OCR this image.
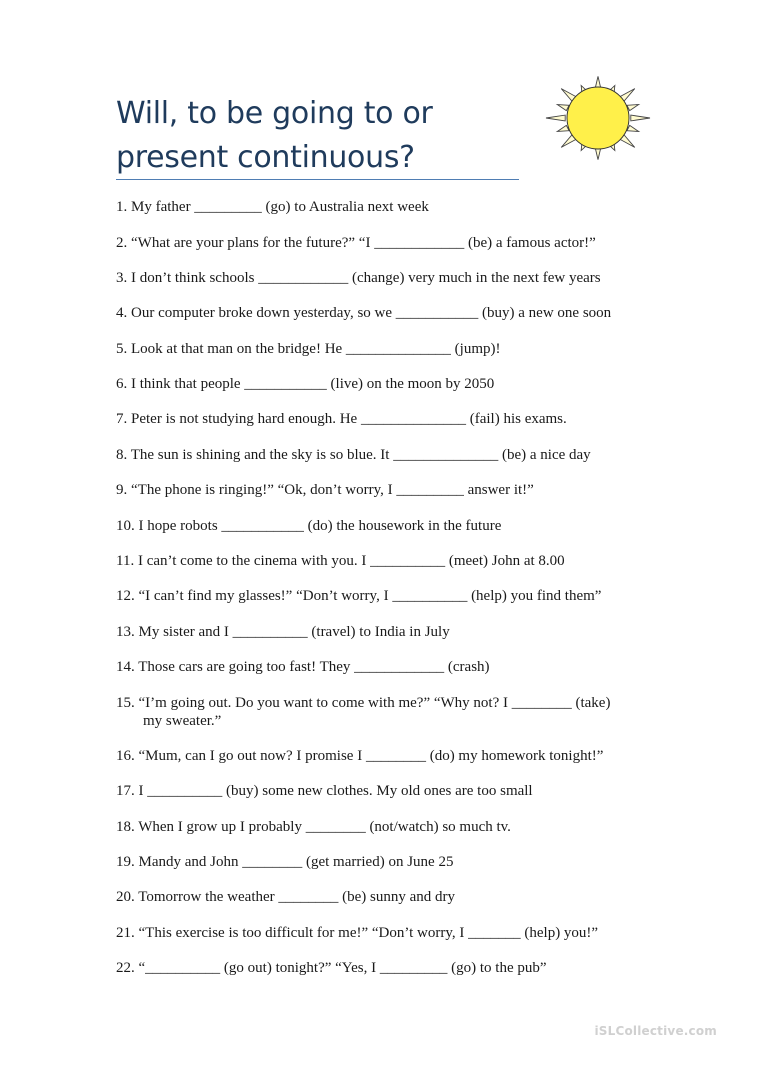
Will, to be going to or
present continuous?
1. My father _________ (go) to Australia next week
2. “What are your plans for the future?” “I ____________ (be) a famous actor!”
3. I don’t think schools ____________ (change) very much in the next few years
4. Our computer broke down yesterday, so we ___________ (buy) a new one soon
5. Look at that man on the bridge! He ______________ (jump)!
6. I think that people ___________ (live) on the moon by 2050
7. Peter is not studying hard enough. He ______________ (fail) his exams.
8. The sun is shining and the sky is so blue. It ______________ (be) a nice day
9. “The phone is ringing!” “Ok, don’t worry, I _________ answer it!”
10. I hope robots ___________ (do) the housework in the future
11. I can’t come to the cinema with you. I __________ (meet) John at 8.00
12. “I can’t find my glasses!” “Don’t worry, I __________ (help) you find them”
13. My sister and I __________ (travel) to India in July
14. Those cars are going too fast! They ____________ (crash)
15. “I’m going out. Do you want to come with me?” “Why not? I ________ (take)
my sweater.”
16. “Mum, can I go out now? I promise I ________ (do) my homework tonight!”
17. I __________ (buy) some new clothes. My old ones are too small
18. When I grow up I probably ________ (not/watch) so much tv.
19. Mandy and John ________ (get married) on June 25
20. Tomorrow the weather ________ (be) sunny and dry
21. “This exercise is too difficult for me!” “Don’t worry, I _______ (help) you!”
22. “__________ (go out) tonight?” “Yes, I _________ (go) to the pub”
iSLCollective.com
